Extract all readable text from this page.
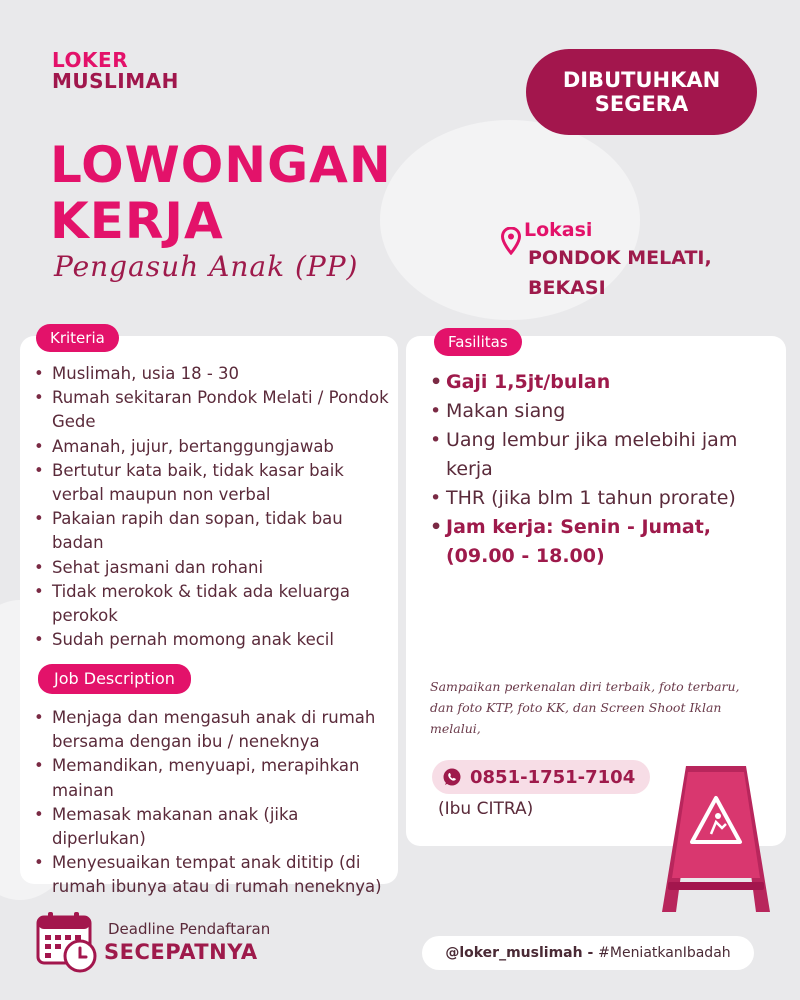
LOKER
MUSLIMAH	DIBUTUHKAN
SEGERA
LOWONGAN
KERJA
Pengasuh Anak (PP)
Lokasi
PONDOK MELATI,
BEKASI
Kriteria
• Muslimah, usia 18 - 30
• Rumah sekitaran Pondok Melati / Pondok Gede
• Amanah, jujur, bertanggungjawab
• Bertutur kata baik, tidak kasar baik verbal maupun non verbal
• Pakaian rapih dan sopan, tidak bau badan
• Sehat jasmani dan rohani
• Tidak merokok & tidak ada keluarga perokok
• Sudah pernah momong anak kecil
Job Description
• Menjaga dan mengasuh anak di rumah bersama dengan ibu / neneknya
• Memandikan, menyuapi, merapihkan mainan
• Memasak makanan anak (jika diperlukan)
• Menyesuaikan tempat anak dititip (di rumah ibunya atau di rumah neneknya)
Fasilitas
• Gaji 1,5jt/bulan
• Makan siang
• Uang lembur jika melebihi jam kerja
• THR (jika blm 1 tahun prorate)
• Jam kerja: Senin - Jumat, (09.00 - 18.00)
Sampaikan perkenalan diri terbaik, foto terbaru, dan foto KTP, foto KK, dan Screen Shoot Iklan melalui,
0851-1751-7104
(Ibu CITRA)
Deadline Pendaftaran
SECEPATNYA	@loker_muslimah - #MeniatkanIbadah
